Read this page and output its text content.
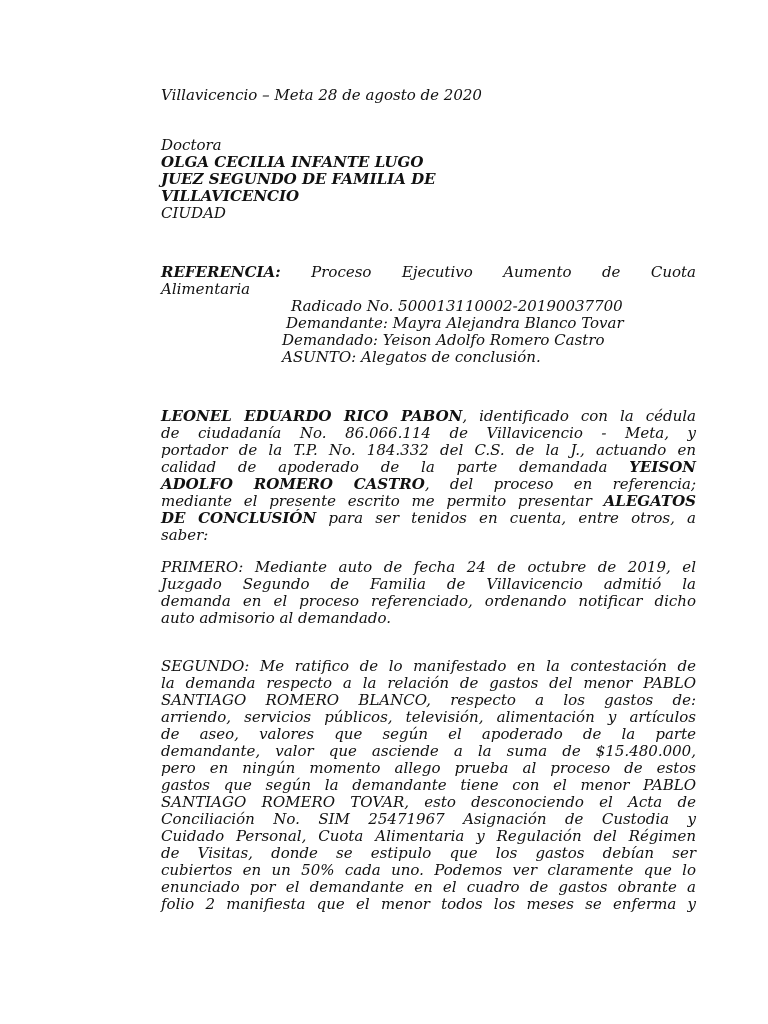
Villavicencio – Meta 28 de agosto de 2020
Doctora
OLGA CECILIA INFANTE LUGO
JUEZ SEGUNDO DE FAMILIA DE
VILLAVICENCIO
CIUDAD
REFERENCIA: Proceso Ejecutivo Aumento de Cuota
Alimentaria
Radicado No. 500013110002-20190037700
Demandante: Mayra Alejandra Blanco Tovar
Demandado: Yeison Adolfo Romero Castro
ASUNTO: Alegatos de conclusión.
LEONEL EDUARDO RICO PABON, identificado con la cédula
de ciudadanía No. 86.066.114 de Villavicencio - Meta, y
portador de la T.P. No. 184.332 del C.S. de la J., actuando en
calidad de apoderado de la parte demandada YEISON
ADOLFO ROMERO CASTRO, del proceso en referencia;
mediante el presente escrito me permito presentar ALEGATOS
DE CONCLUSIÓN para ser tenidos en cuenta, entre otros, a
saber:
PRIMERO: Mediante auto de fecha 24 de octubre de 2019, el
Juzgado Segundo de Familia de Villavicencio admitió la
demanda en el proceso referenciado, ordenando notificar dicho
auto admisorio al demandado.
SEGUNDO: Me ratifico de lo manifestado en la contestación de
la demanda respecto a la relación de gastos del menor PABLO
SANTIAGO ROMERO BLANCO, respecto a los gastos de:
arriendo, servicios públicos, televisión, alimentación y artículos
de aseo, valores que según el apoderado de la parte
demandante, valor que asciende a la suma de $15.480.000,
pero en ningún momento allego prueba al proceso de estos
gastos que según la demandante tiene con el menor PABLO
SANTIAGO ROMERO TOVAR, esto desconociendo el Acta de
Conciliación No. SIM 25471967 Asignación de Custodia y
Cuidado Personal, Cuota Alimentaria y Regulación del Régimen
de Visitas, donde se estipulo que los gastos debían ser
cubiertos en un 50% cada uno. Podemos ver claramente que lo
enunciado por el demandante en el cuadro de gastos obrante a
folio 2 manifiesta que el menor todos los meses se enferma y
